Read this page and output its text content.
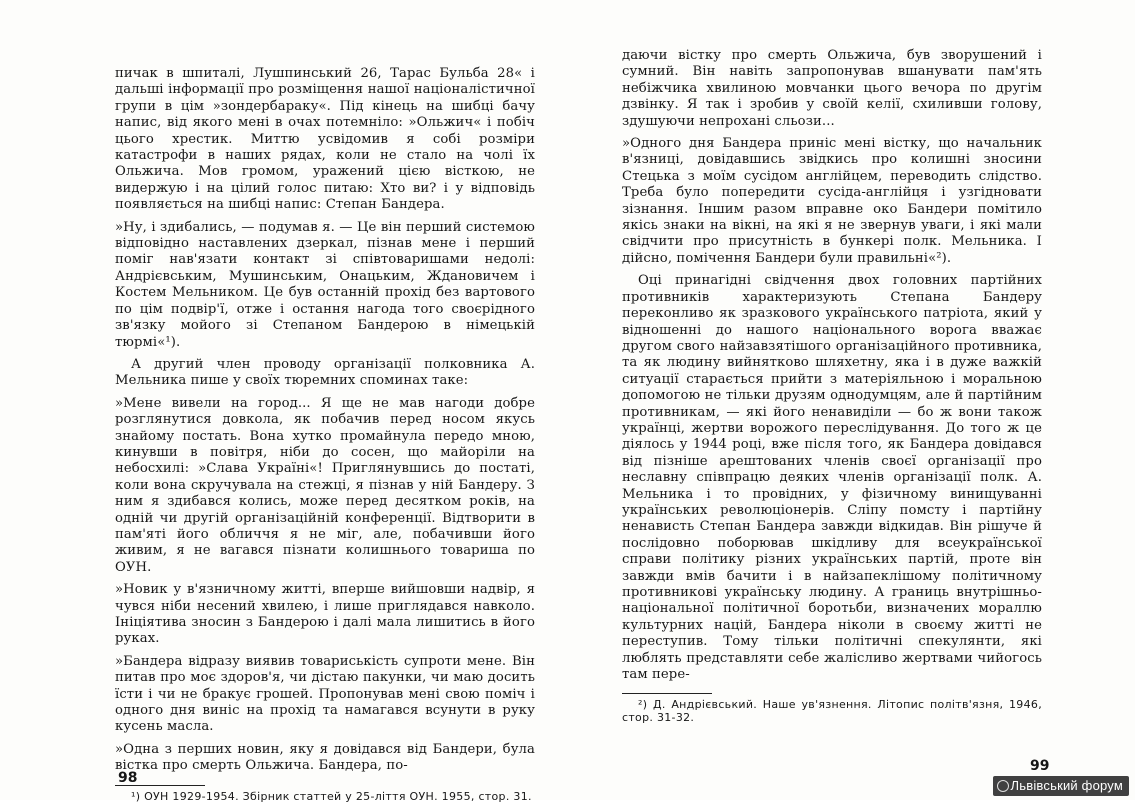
пичак в шпиталі, Лушпинський 26, Тарас Бульба 28« і дальші інформації про розміщення нашої націоналістичної групи в цім »зондербараку«. Під кінець на шибці бачу напис, від якого мені в очах потемніло: »Ольжич« і побіч цього хрестик. Миттю усвідомив я собі розміри катастрофи в наших рядах, коли не стало на чолі їх Ольжича. Мов громом, уражений цією вісткою, не видержую і на цілий голос питаю: Хто ви? і у відповідь появляється на шибці напис: Степан Бандера.

»Ну, і здибались, — подумав я. — Це він перший системою відповідно наставлених дзеркал, пізнав мене і перший поміг нав'язати контакт зі співтоваришами недолі: Андрієвським, Мушинським, Онацьким, Ждановичем і Костем Мельником. Це був останній прохід без вартового по цім подвір'ї, отже і остання нагода того своєрідного зв'язку мойого зі Степаном Бандерою в німецькій тюрмі«¹).

А другий член проводу організації полковника А. Мельника пише у своїх тюремних споминах таке:

»Мене вивели на город... Я ще не мав нагоди добре розглянутися довкола, як побачив перед носом якусь знайому постать. Вона хутко промайнула передо мною, кинувши в повітря, ніби до сосен, що майоріли на небосхилі: »Слава Україні«! Приглянувшись до постаті, коли вона скручувала на стежці, я пізнав у ній Бандеру. З ним я здибався колись, може перед десятком років, на одній чи другій організаційній конференції. Відтворити в пам'яті його обличчя я не міг, але, побачивши його живим, я не вагався пізнати колишнього товариша по ОУН.

»Новик у в'язничному житті, вперше вийшовши надвір, я чувся ніби несений хвилею, і лише приглядався навколо. Ініціятива зносин з Бандерою і далі мала лишитись в його руках.

»Бандера відразу виявив товариськість супроти мене. Він питав про моє здоров'я, чи дістаю пакунки, чи маю досить їсти і чи не бракує грошей. Пропонував мені свою поміч і одного дня виніс на прохід та намагався всунути в руку кусень масла.

»Одна з перших новин, яку я довідався від Бандери, була вістка про смерть Ольжича. Бандера, по-

¹) ОУН 1929-1954. Збірник статтей у 25-ліття ОУН. 1955, стор. 31.

даючи вістку про смерть Ольжича, був зворушений і сумний. Він навіть запропонував вшанувати пам'ять небіжчика хвилиною мовчанки цього вечора по другім дзвінку. Я так і зробив у своїй келії, схиливши голову, здушуючи непрохані сльози...

»Одного дня Бандера приніс мені вістку, що начальник в'язниці, довідавшись звідкись про колишні зносини Стецька з моїм сусідом англійцем, переводить слідство. Треба було попередити сусіда-англійця і узгідновати зізнання. Іншим разом вправне око Бандери помітило якісь знаки на вікні, на які я не звернув уваги, і які мали свідчити про присутність в бункері полк. Мельника. І дійсно, помічення Бандери були правильні«²).

Оці принагідні свідчення двох головних партійних противників характеризують Степана Бандеру переконливо як зразкового українського патріота, який у відношенні до нашого національного ворога вважає другом свого найзавзятішого організаційного противника, та як людину вийнятково шляхетну, яка і в дуже важкій ситуації старається прийти з матеріяльною і моральною допомогою не тільки друзям однодумцям, але й партійним противникам, — які його ненавиділи — бо ж вони також українці, жертви ворожого переслідування. До того ж це діялось у 1944 році, вже після того, як Бандера довідався від пізніше арештованих членів своєї організації про неславну співпрацю деяких членів організації полк. А. Мельника і то провідних, у фізичному винищуванні українських революціонерів. Сліпу помсту і партійну ненависть Степан Бандера завжди відкидав. Він рішуче й послідовно поборював шкідливу для всеукраїнської справи політику різних українських партій, проте він завжди вмів бачити і в найзапеклішому політичному противникові українську людину. А границь внутрішньо-національної політичної боротьби, визначених мораллю культурних націй, Бандера ніколи в своєму житті не переступив. Тому тільки політичні спекулянти, які люблять представляти себе жалісливо жертвами чийогось там пере-

²) Д. Андрієвський. Наше ув'язнення. Літопис політв'язня, 1946, стор. 31-32.

98
99
Львівський форум
